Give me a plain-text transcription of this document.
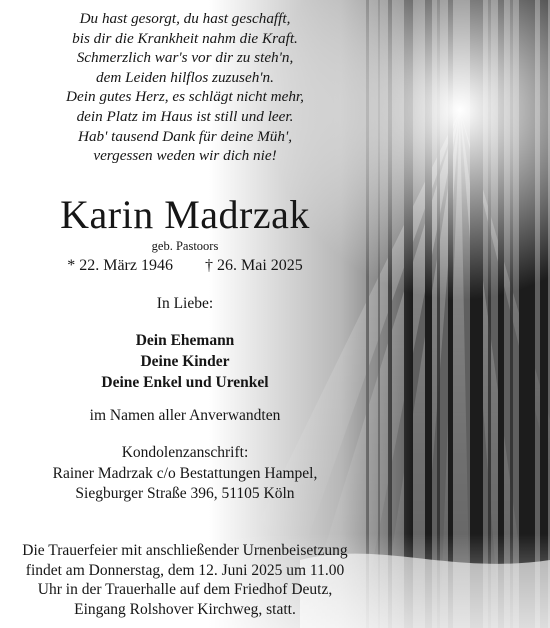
Du hast gesorgt, du hast geschafft,
bis dir die Krankheit nahm die Kraft.
Schmerzlich war's vor dir zu steh'n,
dem Leiden hilflos zuzuseh'n.
Dein gutes Herz, es schlägt nicht mehr,
dein Platz im Haus ist still und leer.
Hab' tausend Dank für deine Müh',
vergessen weden wir dich nie!
Karin Madrzak
geb. Pastoors
* 22. März 1946 † 26. Mai 2025
In Liebe:
Dein Ehemann
Deine Kinder
Deine Enkel und Urenkel
im Namen aller Anverwandten
Kondolenzanschrift:
Rainer Madrzak c/o Bestattungen Hampel,
Siegburger Straße 396, 51105 Köln
Die Trauerfeier mit anschließender Urnenbeisetzung
findet am Donnerstag, dem 12. Juni 2025 um 11.00
Uhr in der Trauerhalle auf dem Friedhof Deutz,
Eingang Rolshover Kirchweg, statt.
